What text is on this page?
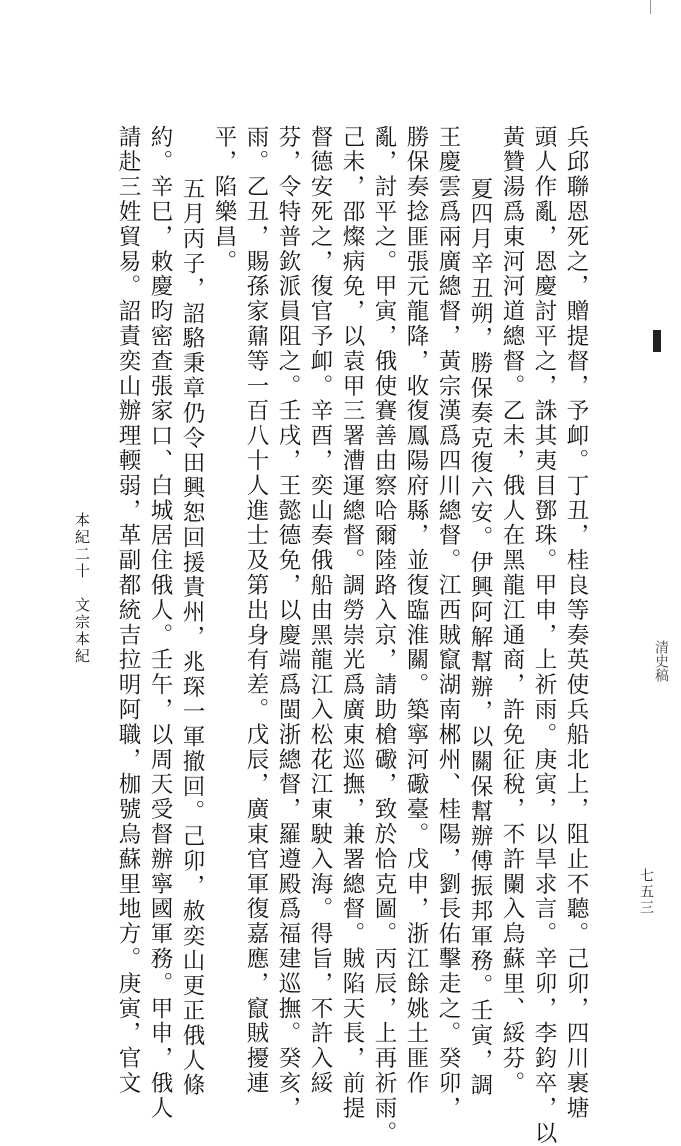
清史稿
本紀二十　文宗本紀
七五三
兵邱聯恩死之，贈提督，予卹。丁丑，桂良等奏英使兵船北上，阻止不聽。己卯，四川裹塘
頭人作亂，恩慶討平之，誅其夷目鄧珠。甲申，上祈雨。庚寅，以旱求言。辛卯，李鈞卒，以
黃贊湯爲東河河道總督。乙未，俄人在黑龍江通商，許免征稅，不許闌入烏蘇里、綏芬。
夏四月辛丑朔，勝保奏克復六安。伊興阿解幫辦，以關保幫辦傅振邦軍務。壬寅，調
王慶雲爲兩廣總督，黃宗漢爲四川總督。江西賊竄湖南郴州、桂陽，劉長佑擊走之。癸卯，
勝保奏捻匪張元龍降，收復鳳陽府縣，並復臨淮關。築寧河礮臺。戊申，浙江餘姚土匪作
亂，討平之。甲寅，俄使賽善由察哈爾陸路入京，請助槍礮，致於恰克圖。丙辰，上再祈雨。
己未，邵燦病免，以袁甲三署漕運總督。調勞崇光爲廣東巡撫，兼署總督。賊陷天長，前提
督德安死之，復官予卹。辛酉，奕山奏俄船由黑龍江入松花江東駛入海。得旨，不許入綏
芬，令特普欽派員阻之。壬戌，王懿德免，以慶端爲閩浙總督，羅遵殿爲福建巡撫。癸亥，
雨。乙丑，賜孫家鼐等一百八十人進士及第出身有差。戊辰，廣東官軍復嘉應，竄賊擾連
平，陷樂昌。
五月丙子，詔駱秉章仍令田興恕回援貴州，兆琛一軍撤回。己卯，赦奕山更正俄人條
約。辛巳，敕慶昀密查張家口、白城居住俄人。壬午，以周天受督辦寧國軍務。甲申，俄人
請赴三姓貿易。詔責奕山辦理輭弱，革副都統吉拉明阿職，枷號烏蘇里地方。庚寅，官文
